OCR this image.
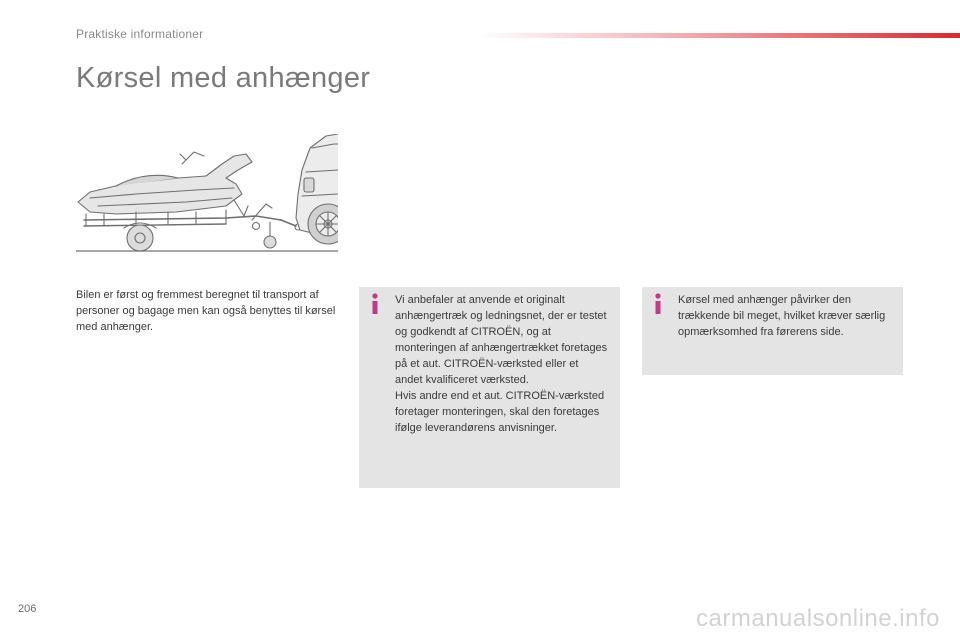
Praktiske informationer
Kørsel med anhænger
Bilen er først og fremmest beregnet til transport af personer og bagage men kan også benyttes til kørsel med anhænger.

Vi anbefaler at anvende et originalt anhængertræk og ledningsnet, der er testet og godkendt af CITROËN, og at monteringen af anhængertrækket foretages på et aut. CITROËN-værksted eller et andet kvalificeret værksted.

Hvis andre end et aut. CITROËN-værksted foretager monteringen, skal den foretages ifølge leverandørens anvisninger.

Kørsel med anhænger påvirker den trækkende bil meget, hvilket kræver særlig opmærksomhed fra førerens side.

206	carmanualsonline.info
